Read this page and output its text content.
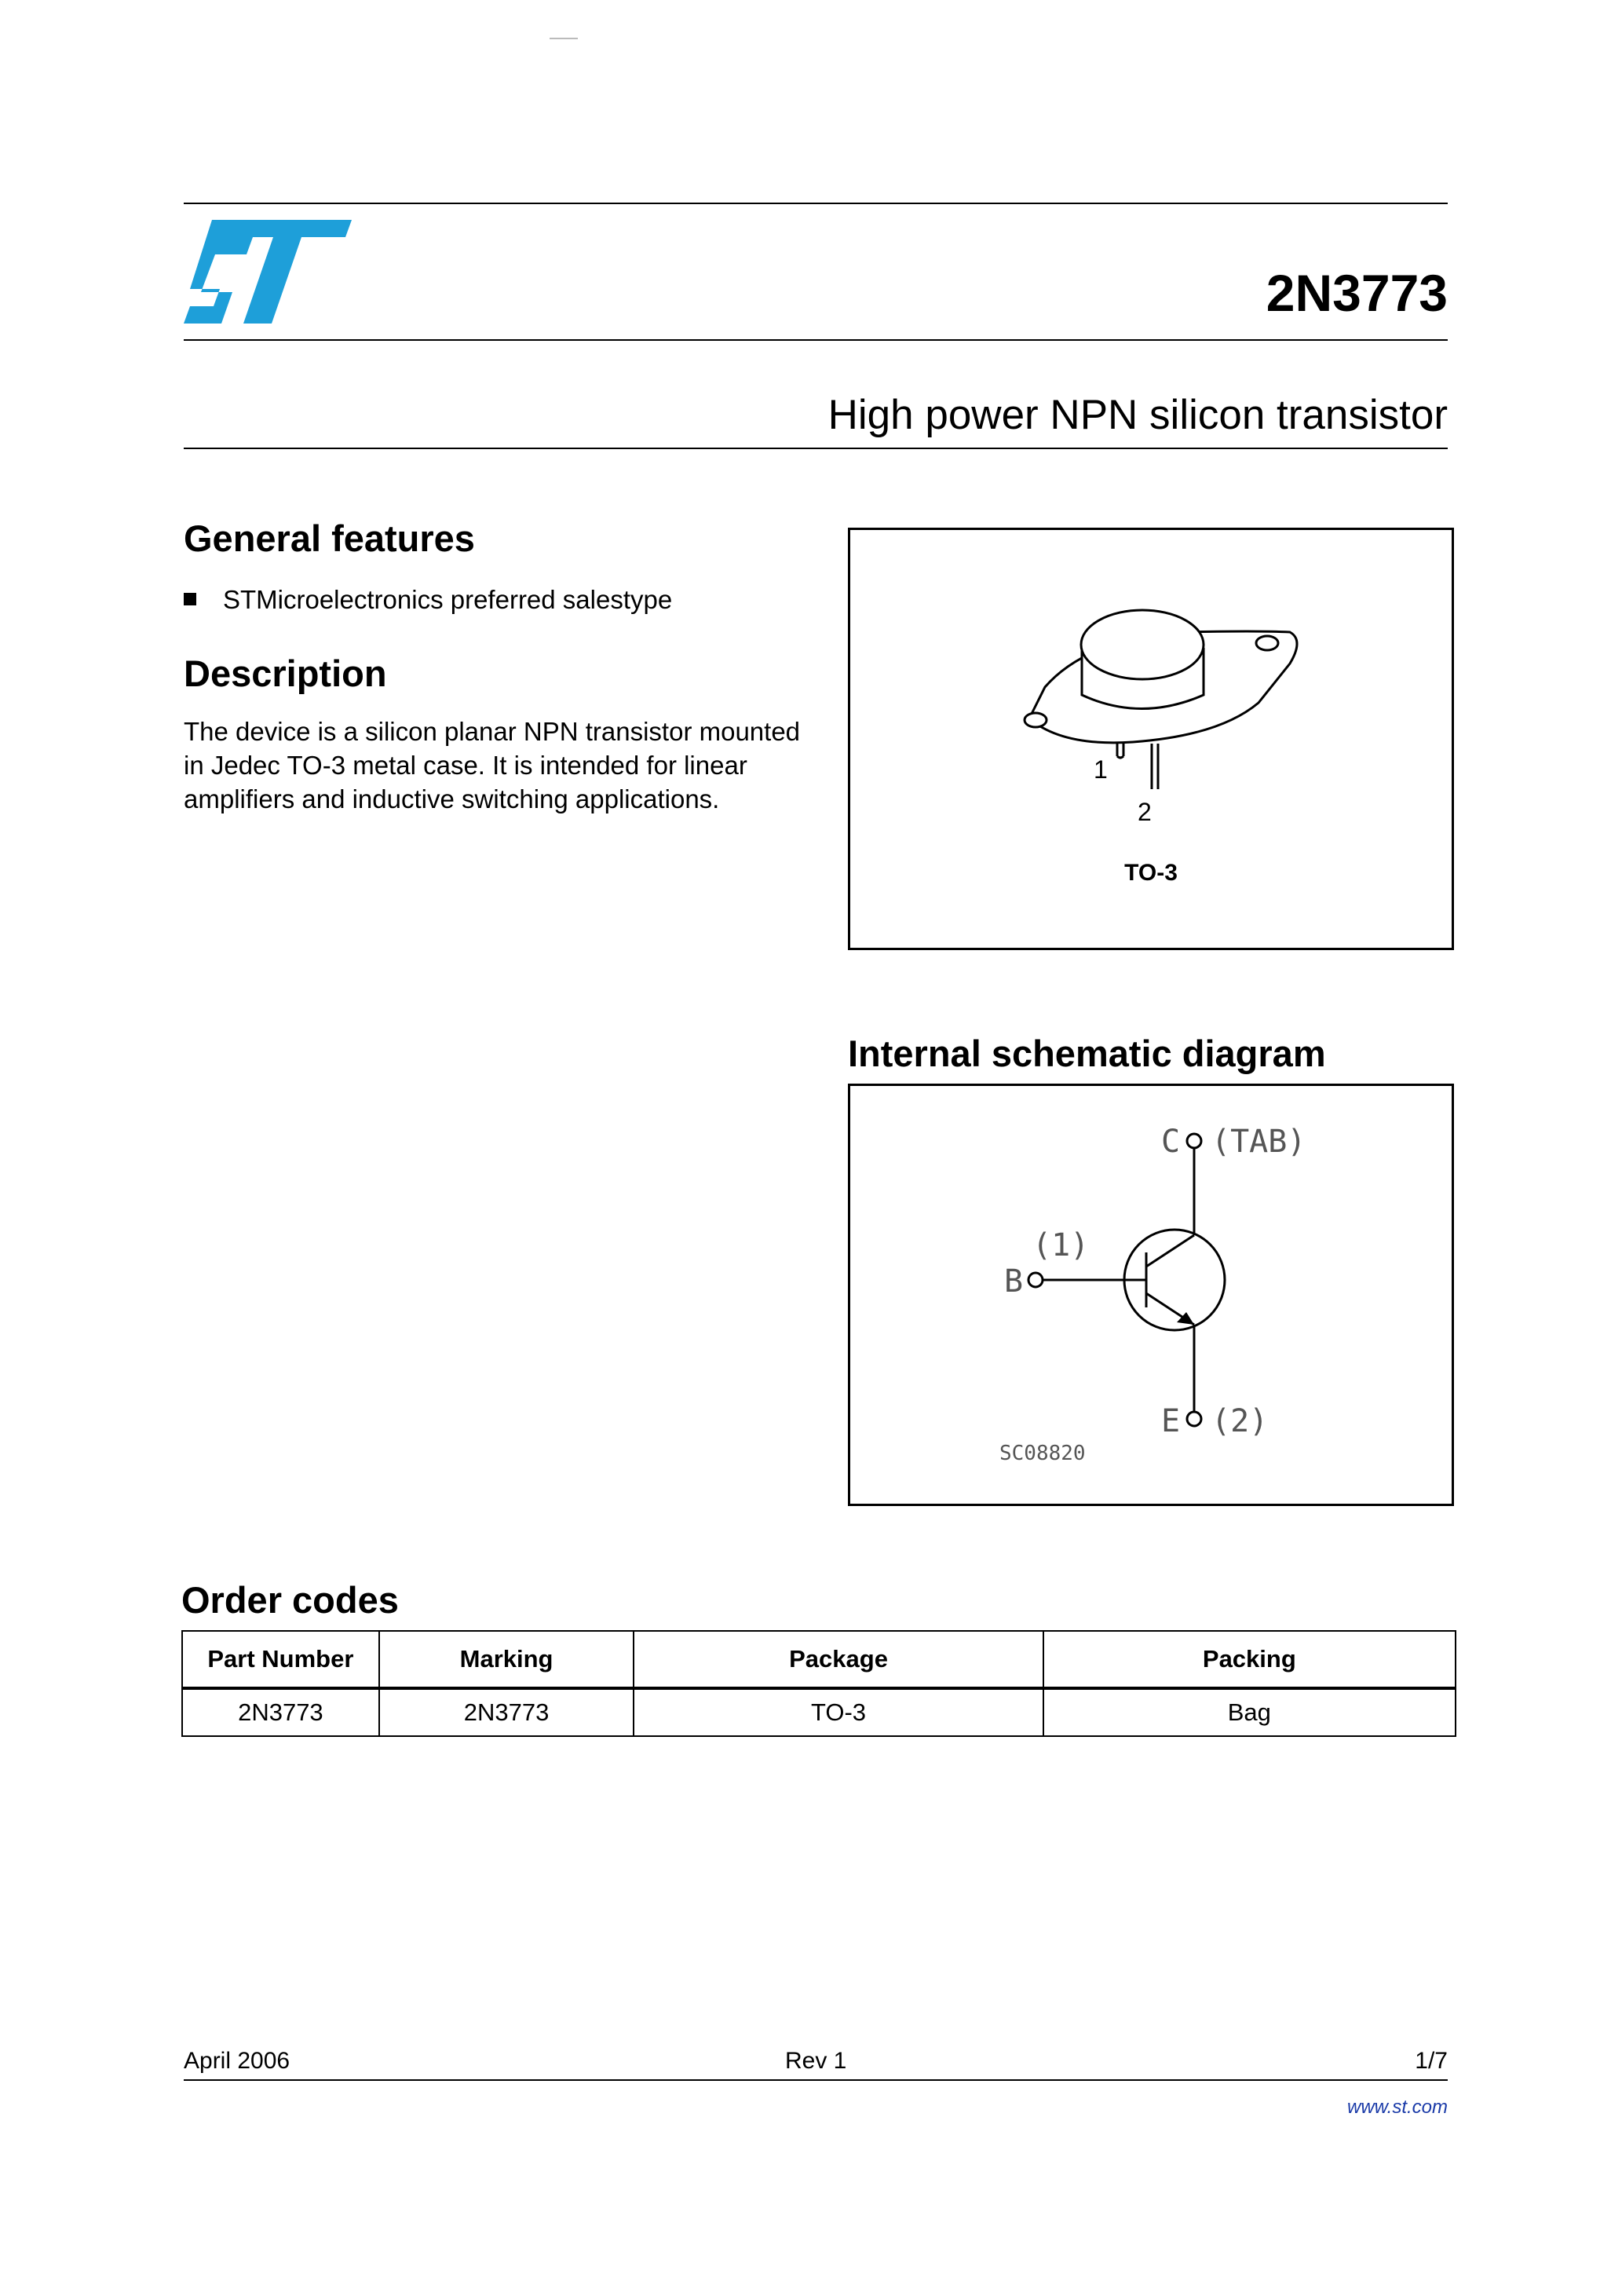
2N3773
High power NPN silicon transistor
General features
STMicroelectronics preferred salestype
Description
The device is a silicon planar NPN transistor mounted in Jedec TO-3 metal case. It is intended for linear amplifiers and inductive switching applications.
1
2
TO-3
Internal schematic diagram
C (TAB)
(1)
B
E (2)
SC08820
Order codes
Part Number	Marking	Package	Packing
2N3773	2N3773	TO-3	Bag
April 2006	Rev 1	1/7
www.st.com
